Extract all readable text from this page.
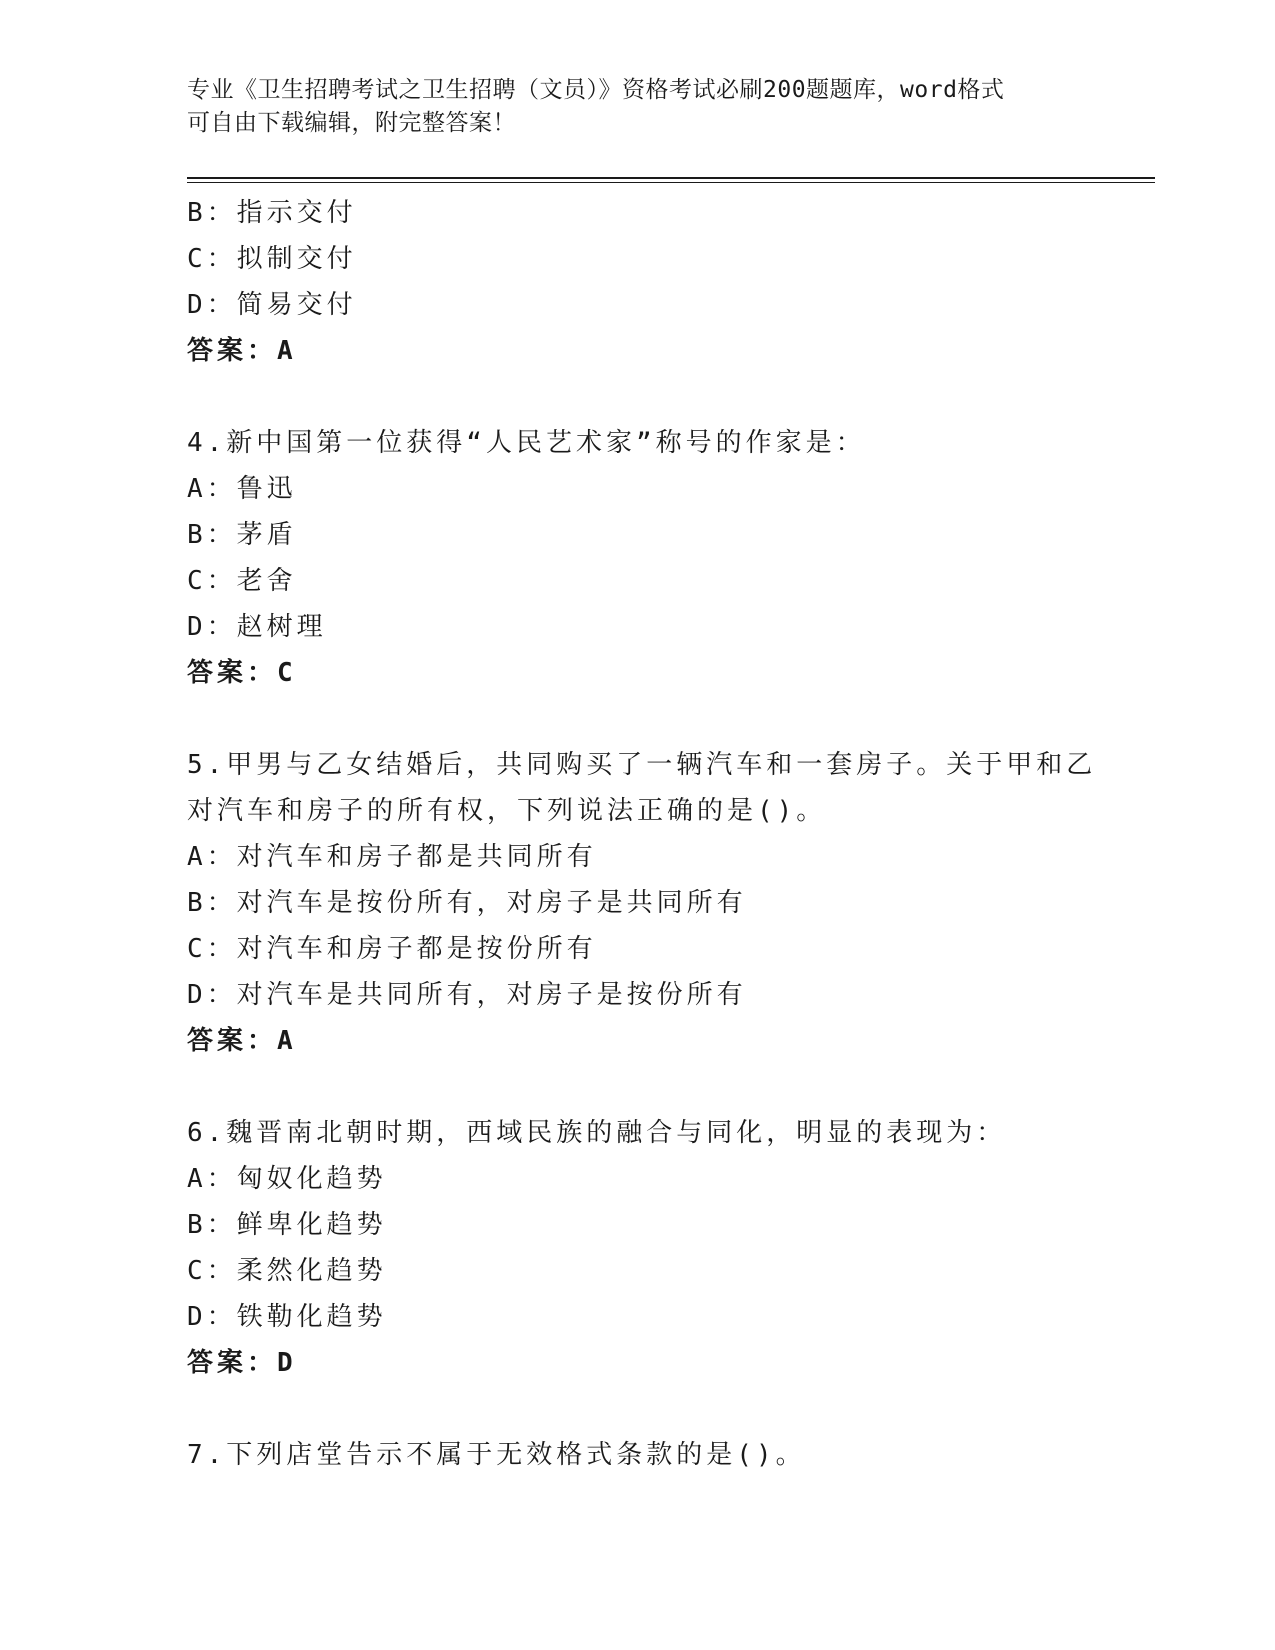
专业《卫生招聘考试之卫生招聘（文员）》资格考试必刷200题题库，word格式
可自由下载编辑，附完整答案！
B：指示交付
C：拟制交付
D：简易交付
答案：A
4.新中国第一位获得“人民艺术家”称号的作家是：
A：鲁迅
B：茅盾
C：老舍
D：赵树理
答案：C
5.甲男与乙女结婚后，共同购买了一辆汽车和一套房子。关于甲和乙
对汽车和房子的所有权，下列说法正确的是()。
A：对汽车和房子都是共同所有
B：对汽车是按份所有，对房子是共同所有
C：对汽车和房子都是按份所有
D：对汽车是共同所有，对房子是按份所有
答案：A
6.魏晋南北朝时期，西域民族的融合与同化，明显的表现为：
A：匈奴化趋势
B：鲜卑化趋势
C：柔然化趋势
D：铁勒化趋势
答案：D
7.下列店堂告示不属于无效格式条款的是()。
